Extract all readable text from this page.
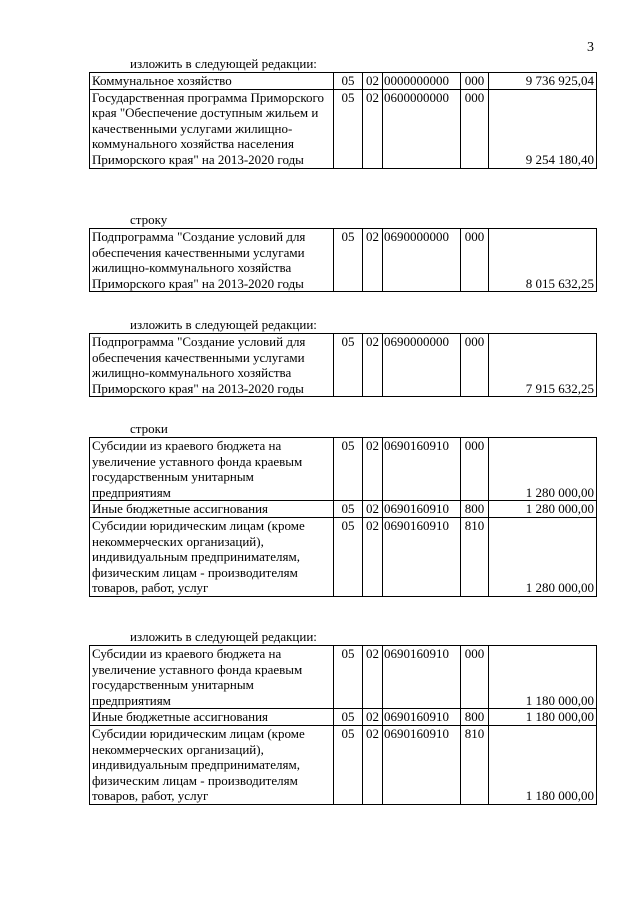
3
изложить в следующей редакции:
Коммунальное хозяйство	05	02	0000000000	000	9 736 925,04
Государственная программа Приморского края "Обеспечение доступным жильем и качественными услугами жилищно-коммунального хозяйства населения Приморского края" на 2013-2020 годы	05	02	0600000000	000	9 254 180,40
строку
Подпрограмма "Создание условий для обеспечения качественными услугами жилищно-коммунального хозяйства Приморского края" на 2013-2020 годы	05	02	0690000000	000	8 015 632,25
изложить в следующей редакции:
Подпрограмма "Создание условий для обеспечения качественными услугами жилищно-коммунального хозяйства Приморского края" на 2013-2020 годы	05	02	0690000000	000	7 915 632,25
строки
Субсидии из краевого бюджета на увеличение уставного фонда краевым государственным унитарным предприятиям	05	02	0690160910	000	1 280 000,00
Иные бюджетные ассигнования	05	02	0690160910	800	1 280 000,00
Субсидии юридическим лицам (кроме некоммерческих организаций), индивидуальным предпринимателям, физическим лицам - производителям товаров, работ, услуг	05	02	0690160910	810	1 280 000,00
изложить в следующей редакции:
Субсидии из краевого бюджета на увеличение уставного фонда краевым государственным унитарным предприятиям	05	02	0690160910	000	1 180 000,00
Иные бюджетные ассигнования	05	02	0690160910	800	1 180 000,00
Субсидии юридическим лицам (кроме некоммерческих организаций), индивидуальным предпринимателям, физическим лицам - производителям товаров, работ, услуг	05	02	0690160910	810	1 180 000,00
